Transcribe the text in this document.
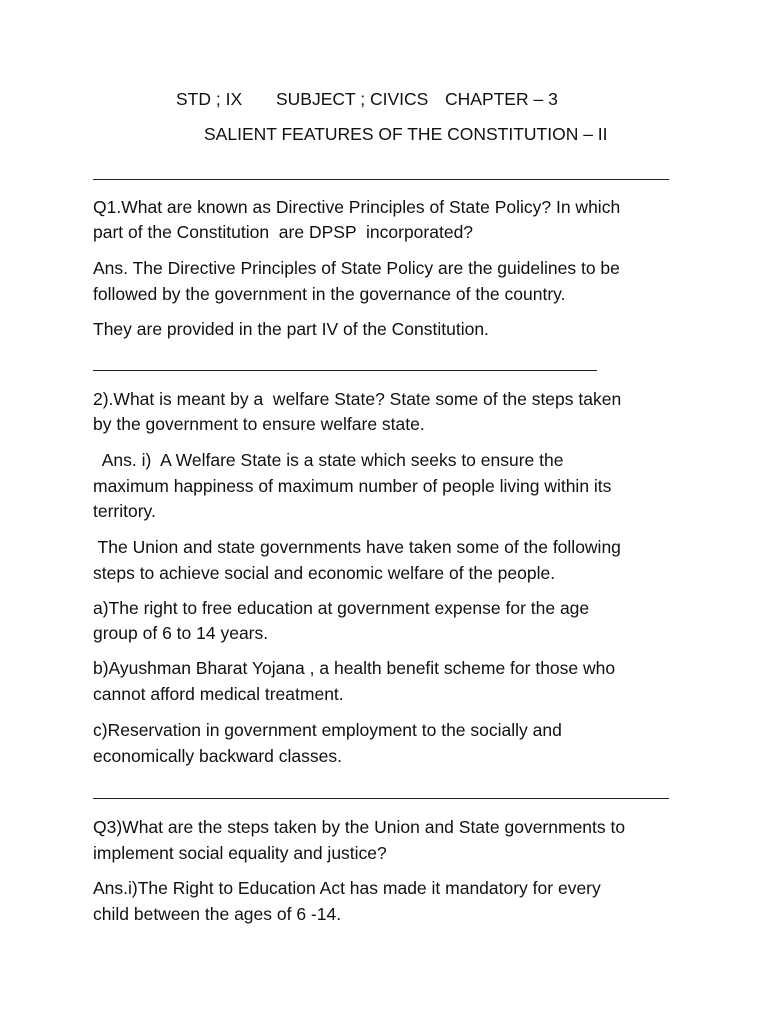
STD ; IX SUBJECT ; CIVICS CHAPTER – 3
SALIENT FEATURES OF THE CONSTITUTION – II
Q1.What are known as Directive Principles of State Policy? In which
part of the Constitution  are DPSP  incorporated?
Ans. The Directive Principles of State Policy are the guidelines to be
followed by the government in the governance of the country.
They are provided in the part IV of the Constitution.
2).What is meant by a  welfare State? State some of the steps taken
by the government to ensure welfare state.
Ans. i)  A Welfare State is a state which seeks to ensure the
maximum happiness of maximum number of people living within its
territory.
The Union and state governments have taken some of the following
steps to achieve social and economic welfare of the people.
a)The right to free education at government expense for the age
group of 6 to 14 years.
b)Ayushman Bharat Yojana , a health benefit scheme for those who
cannot afford medical treatment.
c)Reservation in government employment to the socially and
economically backward classes.
Q3)What are the steps taken by the Union and State governments to
implement social equality and justice?
Ans.i)The Right to Education Act has made it mandatory for every
child between the ages of 6 -14.
